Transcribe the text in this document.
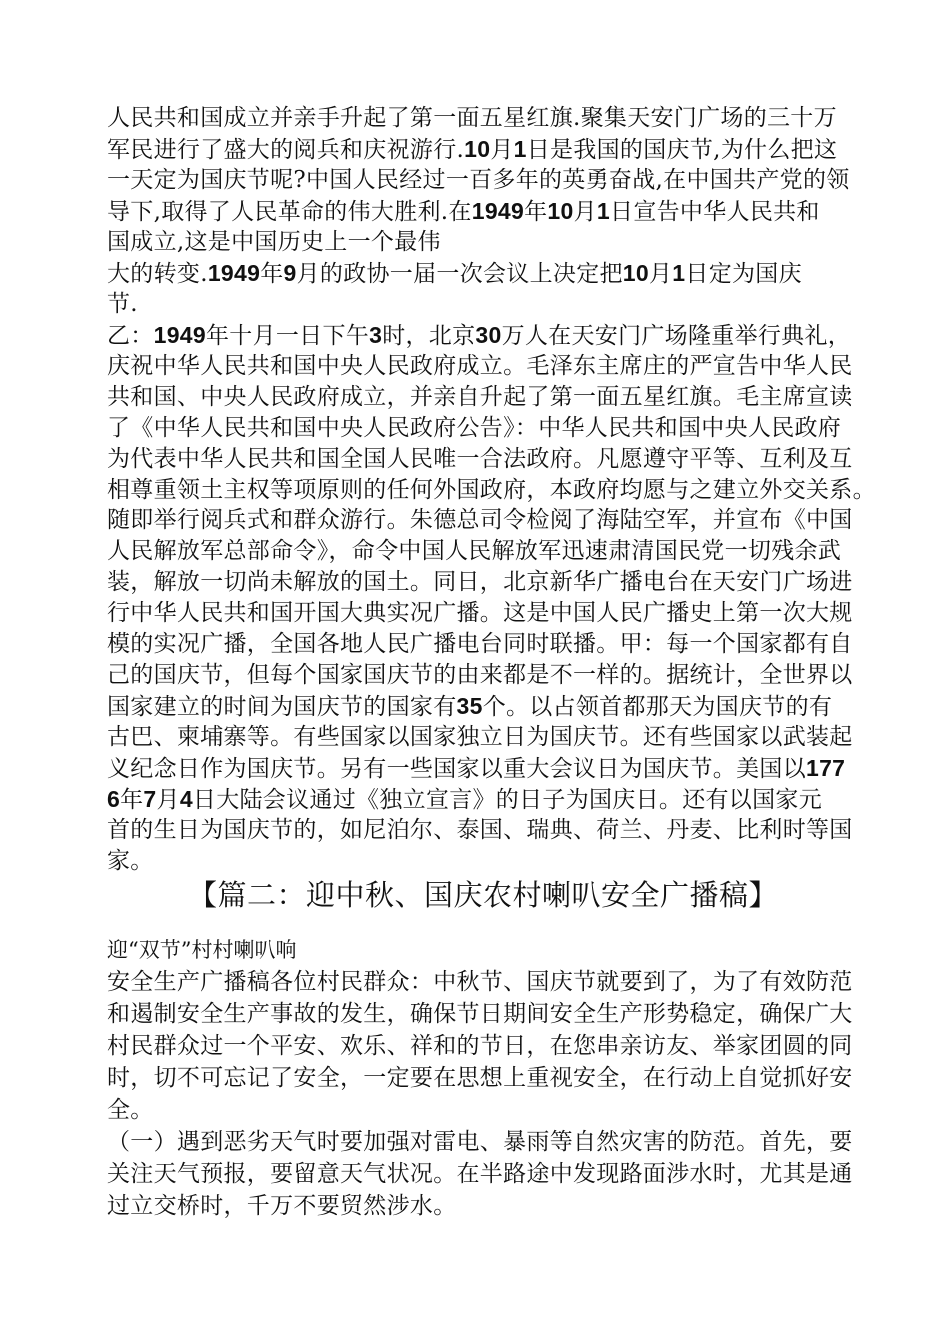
人民共和国成立并亲手升起了第一面五星红旗.聚集天安门广场的三十万
军民进行了盛大的阅兵和庆祝游行.10月1日是我国的国庆节,为什么把这
一天定为国庆节呢?中国人民经过一百多年的英勇奋战,在中国共产党的领
导下,取得了人民革命的伟大胜利.在1949年10月1日宣告中华人民共和
国成立,这是中国历史上一个最伟
大的转变.1949年9月的政协一届一次会议上决定把10月1日定为国庆
节.
乙：1949年十月一日下午3时，北京30万人在天安门广场隆重举行典礼，
庆祝中华人民共和国中央人民政府成立。毛泽东主席庄的严宣告中华人民
共和国、中央人民政府成立，并亲自升起了第一面五星红旗。毛主席宣读
了《中华人民共和国中央人民政府公告》：中华人民共和国中央人民政府
为代表中华人民共和国全国人民唯一合法政府。凡愿遵守平等、互利及互
相尊重领土主权等项原则的任何外国政府，本政府均愿与之建立外交关系。
随即举行阅兵式和群众游行。朱德总司令检阅了海陆空军，并宣布《中国
人民解放军总部命令》，命令中国人民解放军迅速肃清国民党一切残余武
装，解放一切尚未解放的国土。同日，北京新华广播电台在天安门广场进
行中华人民共和国开国大典实况广播。这是中国人民广播史上第一次大规
模的实况广播，全国各地人民广播电台同时联播。甲：每一个国家都有自
己的国庆节，但每个国家国庆节的由来都是不一样的。据统计，全世界以
国家建立的时间为国庆节的国家有35个。以占领首都那天为国庆节的有
古巴、柬埔寨等。有些国家以国家独立日为国庆节。还有些国家以武装起
义纪念日作为国庆节。另有一些国家以重大会议日为国庆节。美国以177
6年7月4日大陆会议通过《独立宣言》的日子为国庆日。还有以国家元
首的生日为国庆节的，如尼泊尔、泰国、瑞典、荷兰、丹麦、比利时等国
【篇二：迎中秋、国庆农村喇叭安全广播稿】
迎“双节”村村喇叭响
安全生产广播稿各位村民群众：中秋节、国庆节就要到了，为了有效防范
和遏制安全生产事故的发生，确保节日期间安全生产形势稳定，确保广大
村民群众过一个平安、欢乐、祥和的节日，在您串亲访友、举家团圆的同
时，切不可忘记了安全，一定要在思想上重视安全，在行动上自觉抓好安
全。
（一）遇到恶劣天气时要加强对雷电、暴雨等自然灾害的防范。首先，要
关注天气预报，要留意天气状况。在半路途中发现路面涉水时，尤其是通
过立交桥时，千万不要贸然涉水。
家。
